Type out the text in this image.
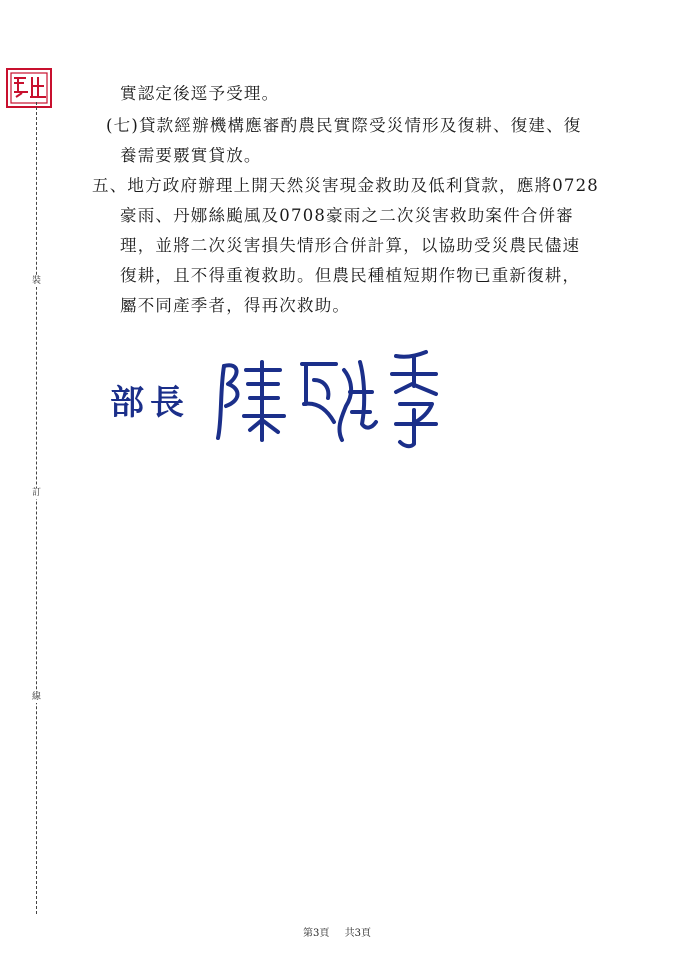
裝
訂
線
實認定後逕予受理。
(七)貸款經辦機構應審酌農民實際受災情形及復耕、復建、復
養需要覈實貸放。
五、地方政府辦理上開天然災害現金救助及低利貸款，應將0728
豪雨、丹娜絲颱風及0708豪雨之二次災害救助案件合併審
理，並將二次災害損失情形合併計算，以協助受災農民儘速
復耕，且不得重複救助。但農民種植短期作物已重新復耕，
屬不同產季者，得再次救助。
部長
第3頁 共3頁
